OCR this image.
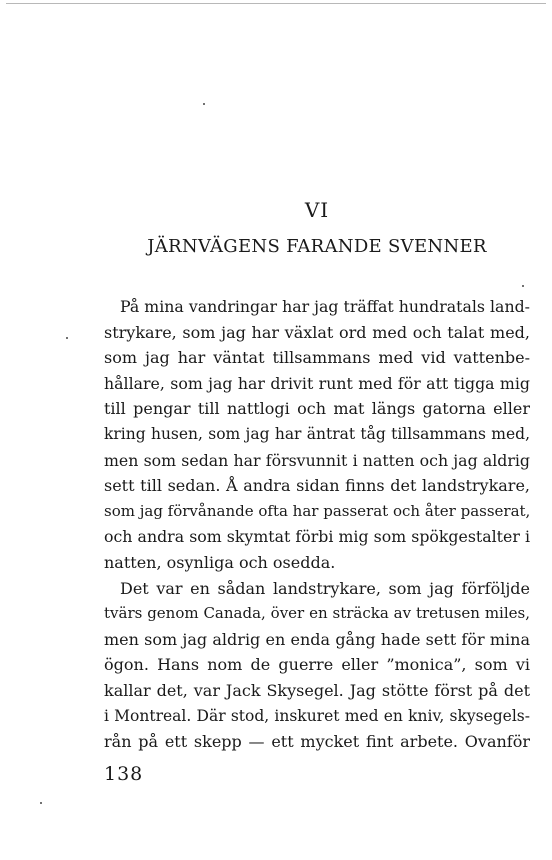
VI
JÄRNVÄGENS FARANDE SVENNER
På mina vandringar har jag träffat hundratals land-
strykare, som jag har växlat ord med och talat med,
som jag har väntat tillsammans med vid vattenbe-
hållare, som jag har drivit runt med för att tigga mig
till pengar till nattlogi och mat längs gatorna eller
kring husen, som jag har äntrat tåg tillsammans med,
men som sedan har försvunnit i natten och jag aldrig
sett till sedan. Å andra sidan finns det landstrykare,
som jag förvånande ofta har passerat och åter passerat,
och andra som skymtat förbi mig som spökgestalter i
natten, osynliga och osedda.
Det var en sådan landstrykare, som jag förföljde
tvärs genom Canada, över en sträcka av tretusen miles,
men som jag aldrig en enda gång hade sett för mina
ögon. Hans nom de guerre eller ”monica”, som vi
kallar det, var Jack Skysegel. Jag stötte först på det
i Montreal. Där stod, inskuret med en kniv, skysegels-
rån på ett skepp — ett mycket fint arbete. Ovanför
138
